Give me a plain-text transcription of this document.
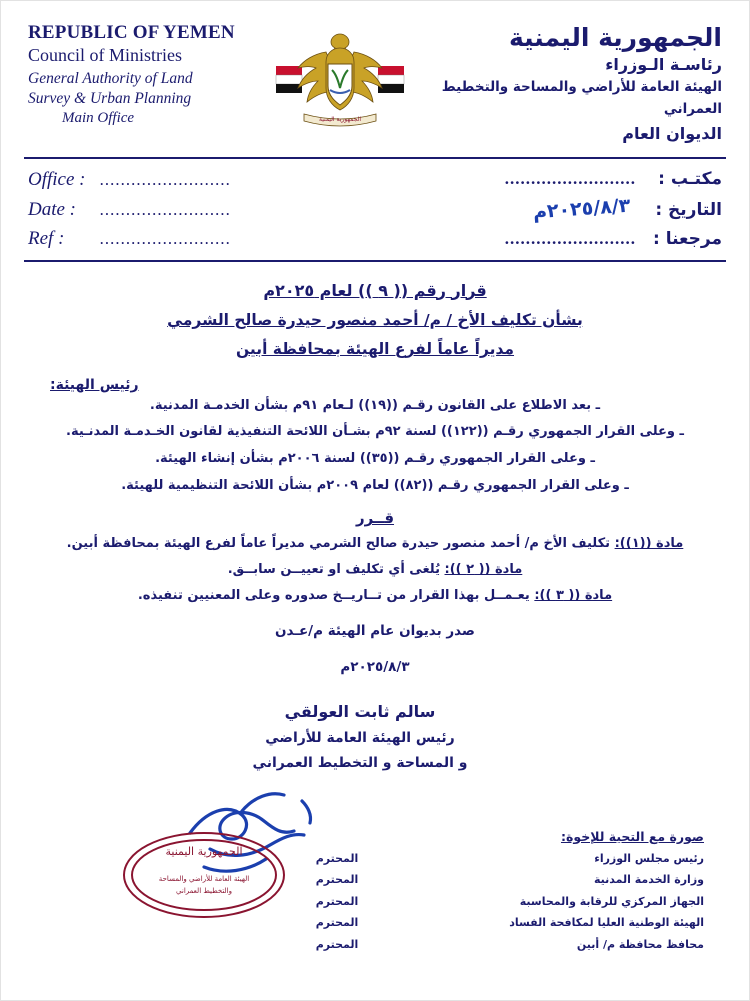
REPUBLIC OF YEMEN
Council of Ministries
General Authority of Land
Survey & Urban Planning
Main Office	الجمهورية اليمنية
الجمهورية اليمنية
رئاسـة الـوزراء
الهيئة العامة للأراضي والمساحة والتخطيط العمراني
الديوان العام
Office : .........................
Date :	.........................
Ref :	.........................
مكتـب :
.........................
التاريخ :
٢٠٢٥/٨/٣م
مرجعنا :
.........................
قرار رقم (( ٩ )) لعام ٢٠٢٥م
بشأن تكليف الأخ / م/ أحمد منصور حيدرة صالح الشرمي
مديراً عاماً لفرع الهيئة بمحافظة أبين
رئيس الهيئة:
ـ بعد الاطلاع على القانون رقـم ((١٩)) لـعام ٩١م بشأن الخدمـة المدنية.
ـ وعلى القرار الجمهوري رقـم ((١٢٢)) لسنة ٩٢م بشـأن اللائحة التنفيذية لقانون الخـدمـة المدنـية.
ـ وعلى القرار الجمهوري رقـم ((٣٥)) لسنة ٢٠٠٦م بشأن إنشاء الهيئة.
ـ وعلى القرار الجمهوري رقـم ((٨٢)) لعام ٢٠٠٩م بشأن اللائحة التنظيمية للهيئة.
قــرر
مادة ((١)): تكليف الأخ م/ أحمد منصور حيدرة صالح الشرمي مديراً عاماً لفرع الهيئة بمحافظة أبين.
مادة (( ٢ )): يُلغى أي تكليف او تعييــن سابــق.
مادة (( ٣ )): يعـمــل بهذا القرار من تــاريــخ صدوره وعلى المعنيين تنفيذه.
صدر بديوان عام الهيئة م/عـدن
٢٠٢٥/٨/٣م
سالم ثابت العولقي
رئيس الهيئة العامة للأراضي
و المساحة و التخطيط العمراني
الجمهورية اليمنية
الهيئة العامة للأراضي والمساحة
والتخطيط العمراني
صورة مع التحية للإخوة:
رئيس مجلس الوزراء
المحترم
وزارة الخدمة المدنية
المحترم
الجهاز المركزي للرقابة والمحاسبة
المحترم
الهيئة الوطنية العليا لمكافحة الفساد
المحترم
محافظ محافظة م/ أبين
المحترم
